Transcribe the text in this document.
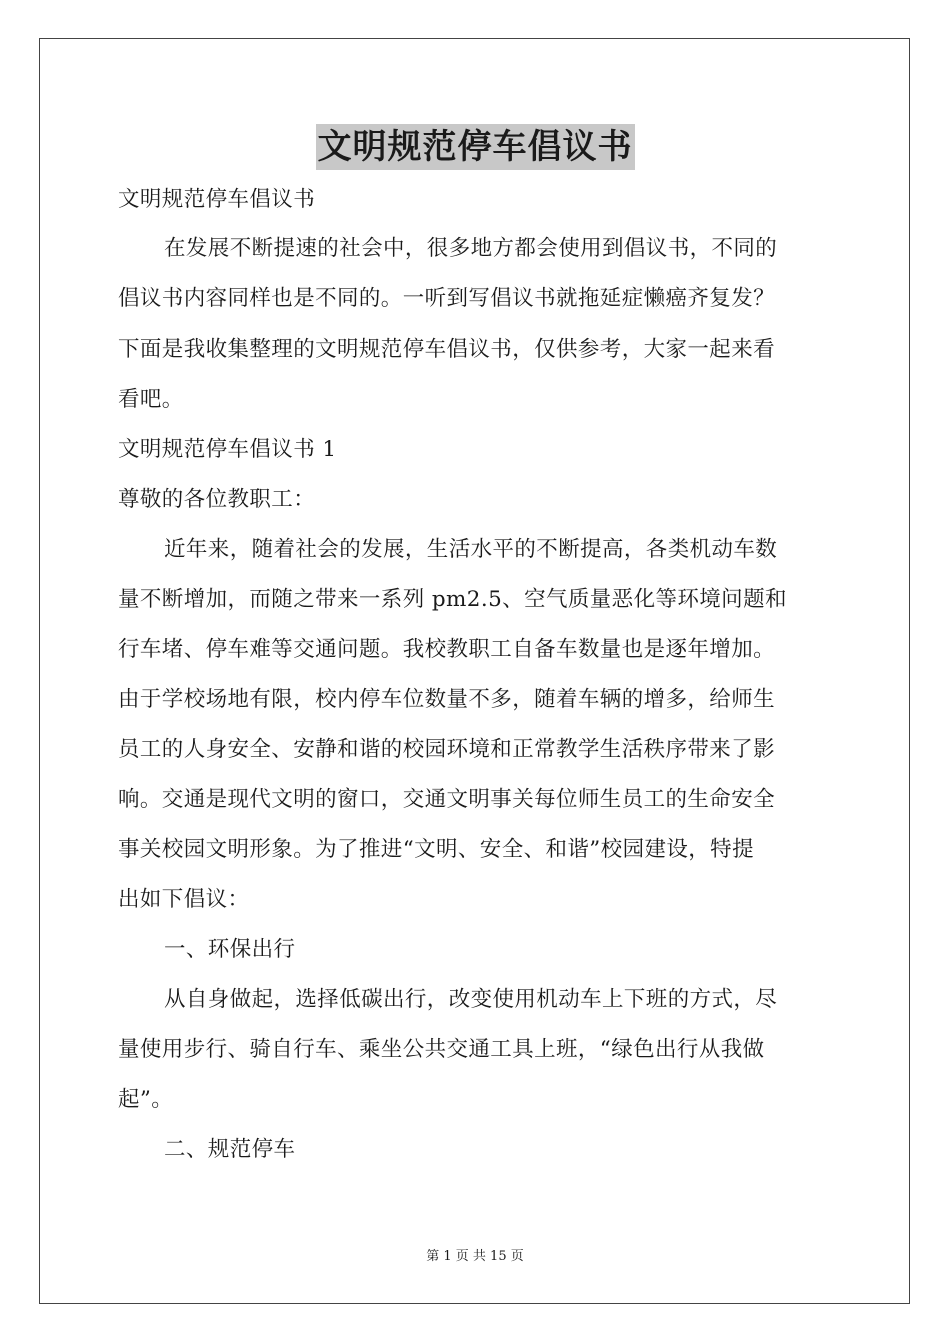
文明规范停车倡议书
文明规范停车倡议书
在发展不断提速的社会中，很多地方都会使用到倡议书，不同的
倡议书内容同样也是不同的。一听到写倡议书就拖延症懒癌齐复发？
下面是我收集整理的文明规范停车倡议书，仅供参考，大家一起来看
看吧。
文明规范停车倡议书 1
尊敬的各位教职工：
近年来，随着社会的发展，生活水平的不断提高，各类机动车数
量不断增加，而随之带来一系列 pm2.5、空气质量恶化等环境问题和
行车堵、停车难等交通问题。我校教职工自备车数量也是逐年增加。
由于学校场地有限，校内停车位数量不多，随着车辆的增多，给师生
员工的人身安全、安静和谐的校园环境和正常教学生活秩序带来了影
响。交通是现代文明的窗口，交通文明事关每位师生员工的生命安全
事关校园文明形象。为了推进“文明、安全、和谐”校园建设，特提
出如下倡议：
一、环保出行
从自身做起，选择低碳出行，改变使用机动车上下班的方式，尽
量使用步行、骑自行车、乘坐公共交通工具上班，“绿色出行从我做
起”。
二、规范停车
第 1 页 共 15 页
